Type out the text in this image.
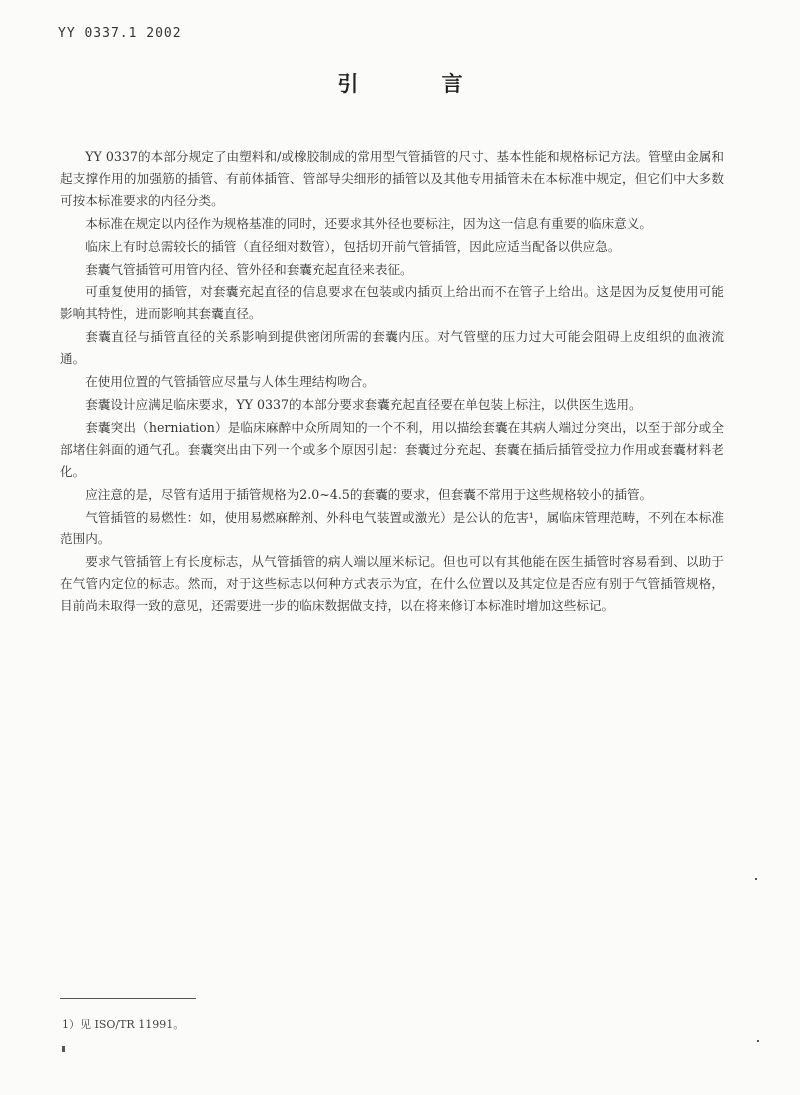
YY 0337.1 2002
引 言

YY 0337的本部分规定了由塑料和/或橡胶制成的常用型气管插管的尺寸、基本性能和规格标记方法。管壁由金属和起支撑作用的加强筋的插管、有前体插管、管部导尖细形的插管以及其他专用插管未在本标准中规定，但它们中大多数可按本标准要求的内径分类。

本标准在规定以内径作为规格基准的同时，还要求其外径也要标注，因为这一信息有重要的临床意义。

临床上有时总需较长的插管（直径细对数管），包括切开前气管插管，因此应适当配备以供应急。

套囊气管插管可用管内径、管外径和套囊充起直径来表征。

可重复使用的插管，对套囊充起直径的信息要求在包装或内插页上给出而不在管子上给出。这是因为反复使用可能影响其特性，进而影响其套囊直径。

套囊直径与插管直径的关系影响到提供密闭所需的套囊内压。对气管壁的压力过大可能会阻碍上皮组织的血液流通。

在使用位置的气管插管应尽量与人体生理结构吻合。

套囊设计应满足临床要求，YY 0337的本部分要求套囊充起直径要在单包装上标注，以供医生选用。

套囊突出（herniation）是临床麻醉中众所周知的一个不利，用以描绘套囊在其病人端过分突出，以至于部分或全部堵住斜面的通气孔。套囊突出由下列一个或多个原因引起：套囊过分充起、套囊在插后插管受拉力作用或套囊材料老化。

应注意的是，尽管有适用于插管规格为2.0~4.5的套囊的要求，但套囊不常用于这些规格较小的插管。

气管插管的易燃性：如，使用易燃麻醉剂、外科电气装置或激光）是公认的危害¹，属临床管理范畴，不列在本标准范围内。

要求气管插管上有长度标志，从气管插管的病人端以厘米标记。但也可以有其他能在医生插管时容易看到、以助于在气管内定位的标志。然而，对于这些标志以何种方式表示为宜，在什么位置以及其定位是否应有别于气管插管规格，目前尚未取得一致的意见，还需要进一步的临床数据做支持，以在将来修订本标准时增加这些标记。

1）见 ISO/TR 11991。
